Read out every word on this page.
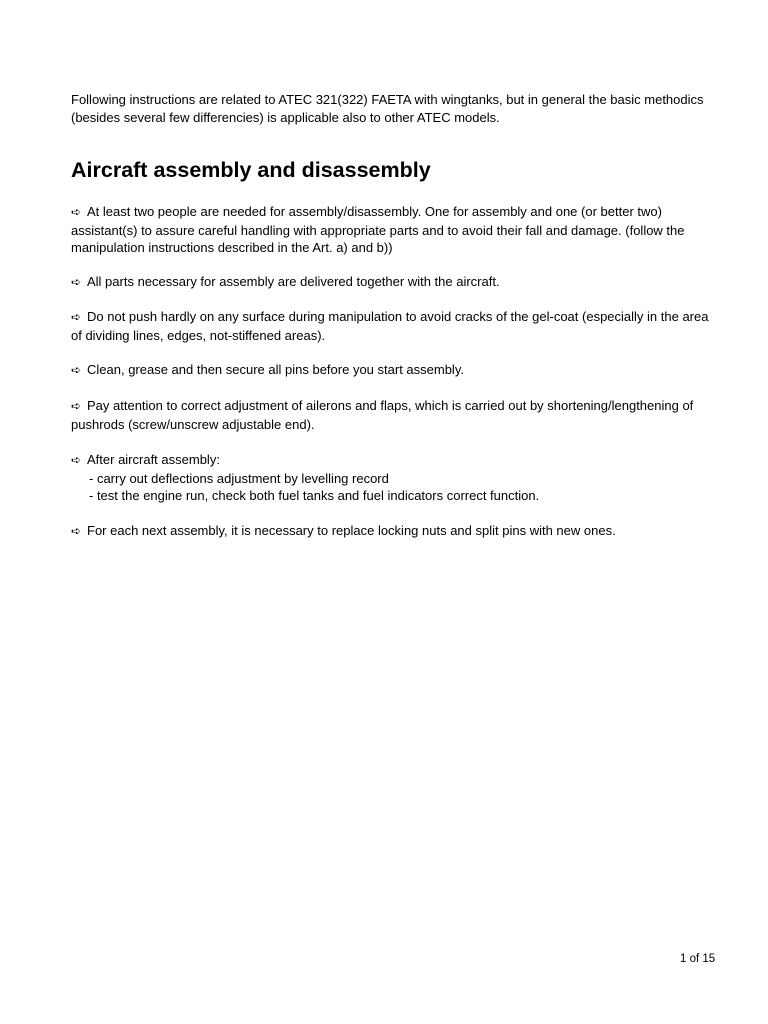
Following instructions are related to ATEC 321(322) FAETA with wingtanks, but in general the basic methodics (besides several few differencies) is applicable also to other ATEC models.

Aircraft assembly and disassembly

➪ At least two people are needed for assembly/disassembly. One for assembly and one (or better two) assistant(s) to assure careful handling with appropriate parts and to avoid their fall and damage. (follow the manipulation instructions described in the Art. a) and b))

➪ All parts necessary for assembly are delivered together with the aircraft.

➪ Do not push hardly on any surface during manipulation to avoid cracks of the gel-coat (especially in the area of dividing lines, edges, not-stiffened areas).

➪ Clean, grease and then secure all pins before you start assembly.

➪ Pay attention to correct adjustment of ailerons and flaps, which is carried out by shortening/lengthening of pushrods (screw/unscrew adjustable end).

➪ After aircraft assembly:
- carry out deflections adjustment by levelling record
- test the engine run, check both fuel tanks and fuel indicators correct function.

➪ For each next assembly, it is necessary to replace locking nuts and split pins with new ones.

1 of 15
